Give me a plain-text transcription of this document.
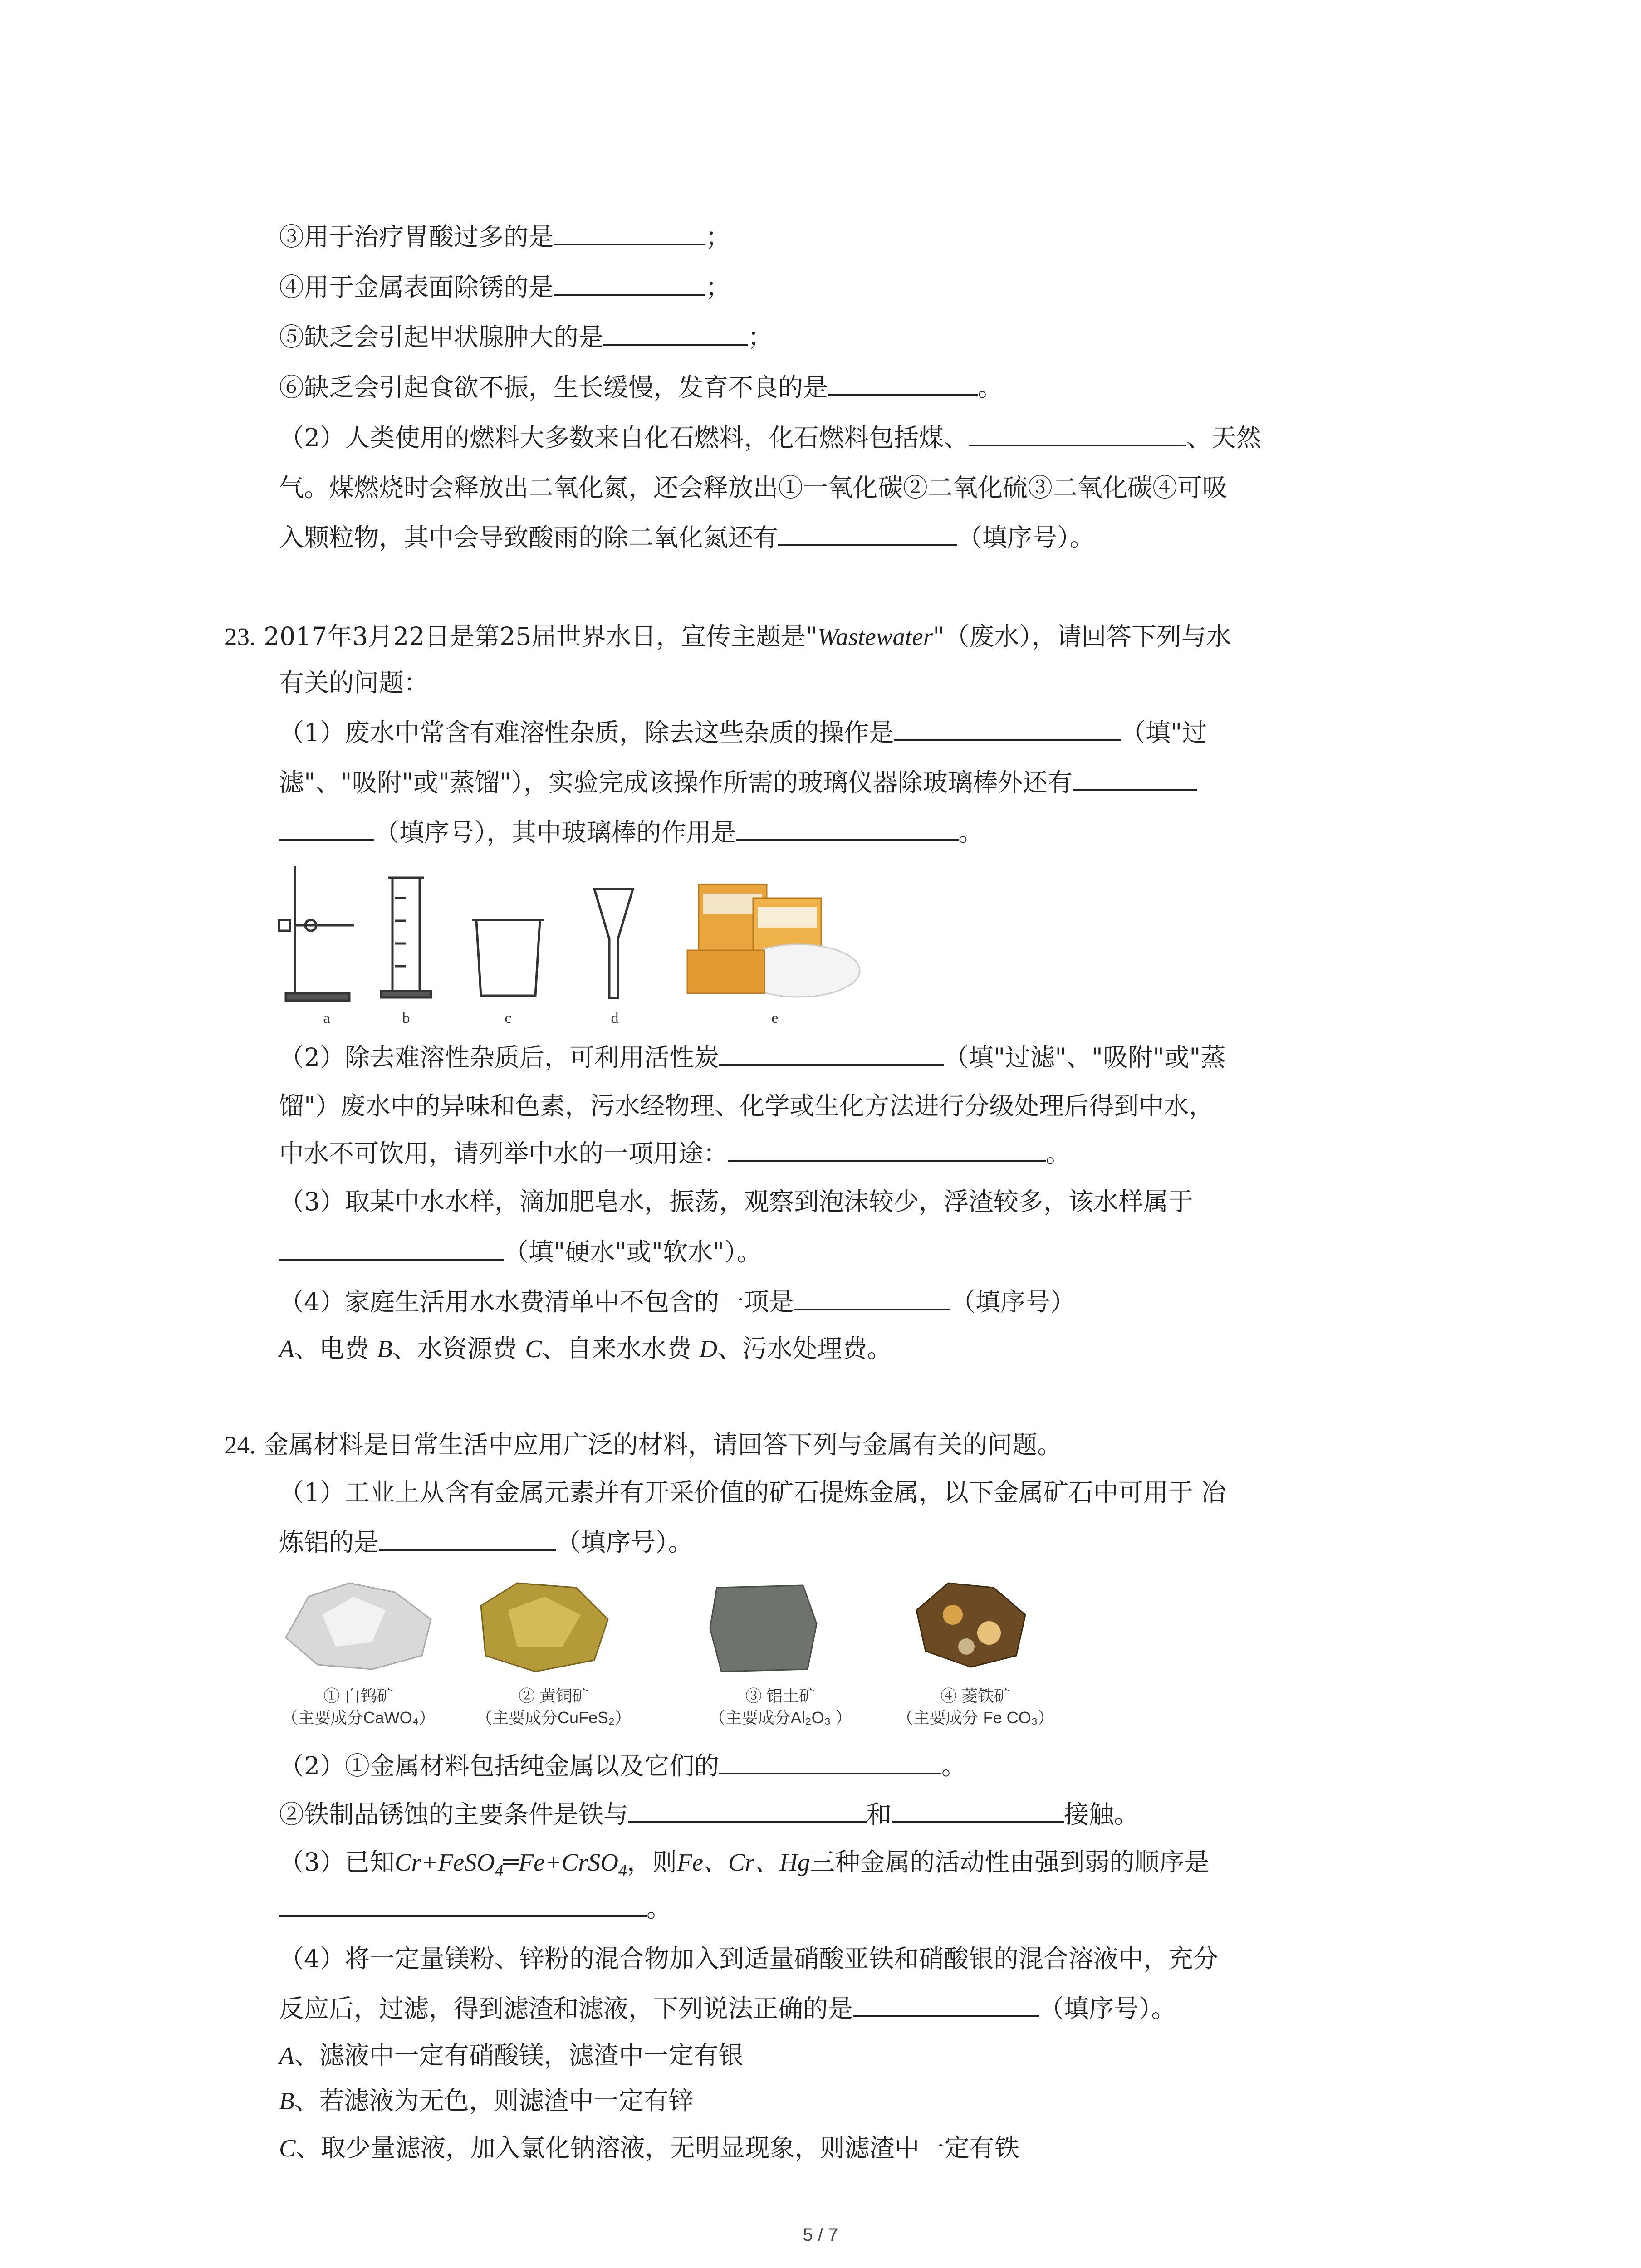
③用于治疗胃酸过多的是	；
④用于金属表面除锈的是	；
⑤缺乏会引起甲状腺肿大的是	；
⑥缺乏会引起食欲不振，生长缓慢，发育不良的是	。
（2）人类使用的燃料大多数来自化石燃料，化石燃料包括煤、	、天然
气。煤燃烧时会释放出二氧化氮，还会释放出①一氧化碳②二氧化硫③二氧化碳④可吸
入颗粒物，其中会导致酸雨的除二氧化氮还有	（填序号）。
23. 2017年3月22日是第25届世界水日，宣传主题是"Wastewater"（废水），请回答下列与水
有关的问题：
（1）废水中常含有难溶性杂质，除去这些杂质的操作是	（填"过
滤"、"吸附"或"蒸馏"），实验完成该操作所需的玻璃仪器除玻璃棒外还有
（填序号），其中玻璃棒的作用是	。
a	b	c	d	e
（2）除去难溶性杂质后，可利用活性炭	（填"过滤"、"吸附"或"蒸
馏"）废水中的异味和色素，污水经物理、化学或生化方法进行分级处理后得到中水，
中水不可饮用，请列举中水的一项用途：	。
（3）取某中水水样，滴加肥皂水，振荡，观察到泡沫较少，浮渣较多，该水样属于
（填"硬水"或"软水"）。
（4）家庭生活用水水费清单中不包含的一项是	（填序号）
A、电费 B、水资源费 C、自来水水费 D、污水处理费。
24. 金属材料是日常生活中应用广泛的材料，请回答下列与金属有关的问题。
（1）工业上从含有金属元素并有开采价值的矿石提炼金属，以下金属矿石中可用于 冶
炼铝的是	（填序号）。
① 白钨矿
（主要成分CaWO₄）
② 黄铜矿
（主要成分CuFeS₂）
③ 铝土矿
（主要成分Al₂O₃ ）
④ 菱铁矿
（主要成分 Fe CO₃）
（2）①金属材料包括纯金属以及它们的	。
②铁制品锈蚀的主要条件是铁与	和	接触。
（3）已知Cr+FeSO$_4$═Fe+CrSO$_4$，则Fe、Cr、Hg三种金属的活动性由强到弱的顺序是
。
（4）将一定量镁粉、锌粉的混合物加入到适量硝酸亚铁和硝酸银的混合溶液中，充分
反应后，过滤，得到滤渣和滤液，下列说法正确的是	（填序号）。
A、滤液中一定有硝酸镁，滤渣中一定有银
B、若滤液为无色，则滤渣中一定有锌
C、取少量滤液，加入氯化钠溶液，无明显现象，则滤渣中一定有铁
5 / 7
